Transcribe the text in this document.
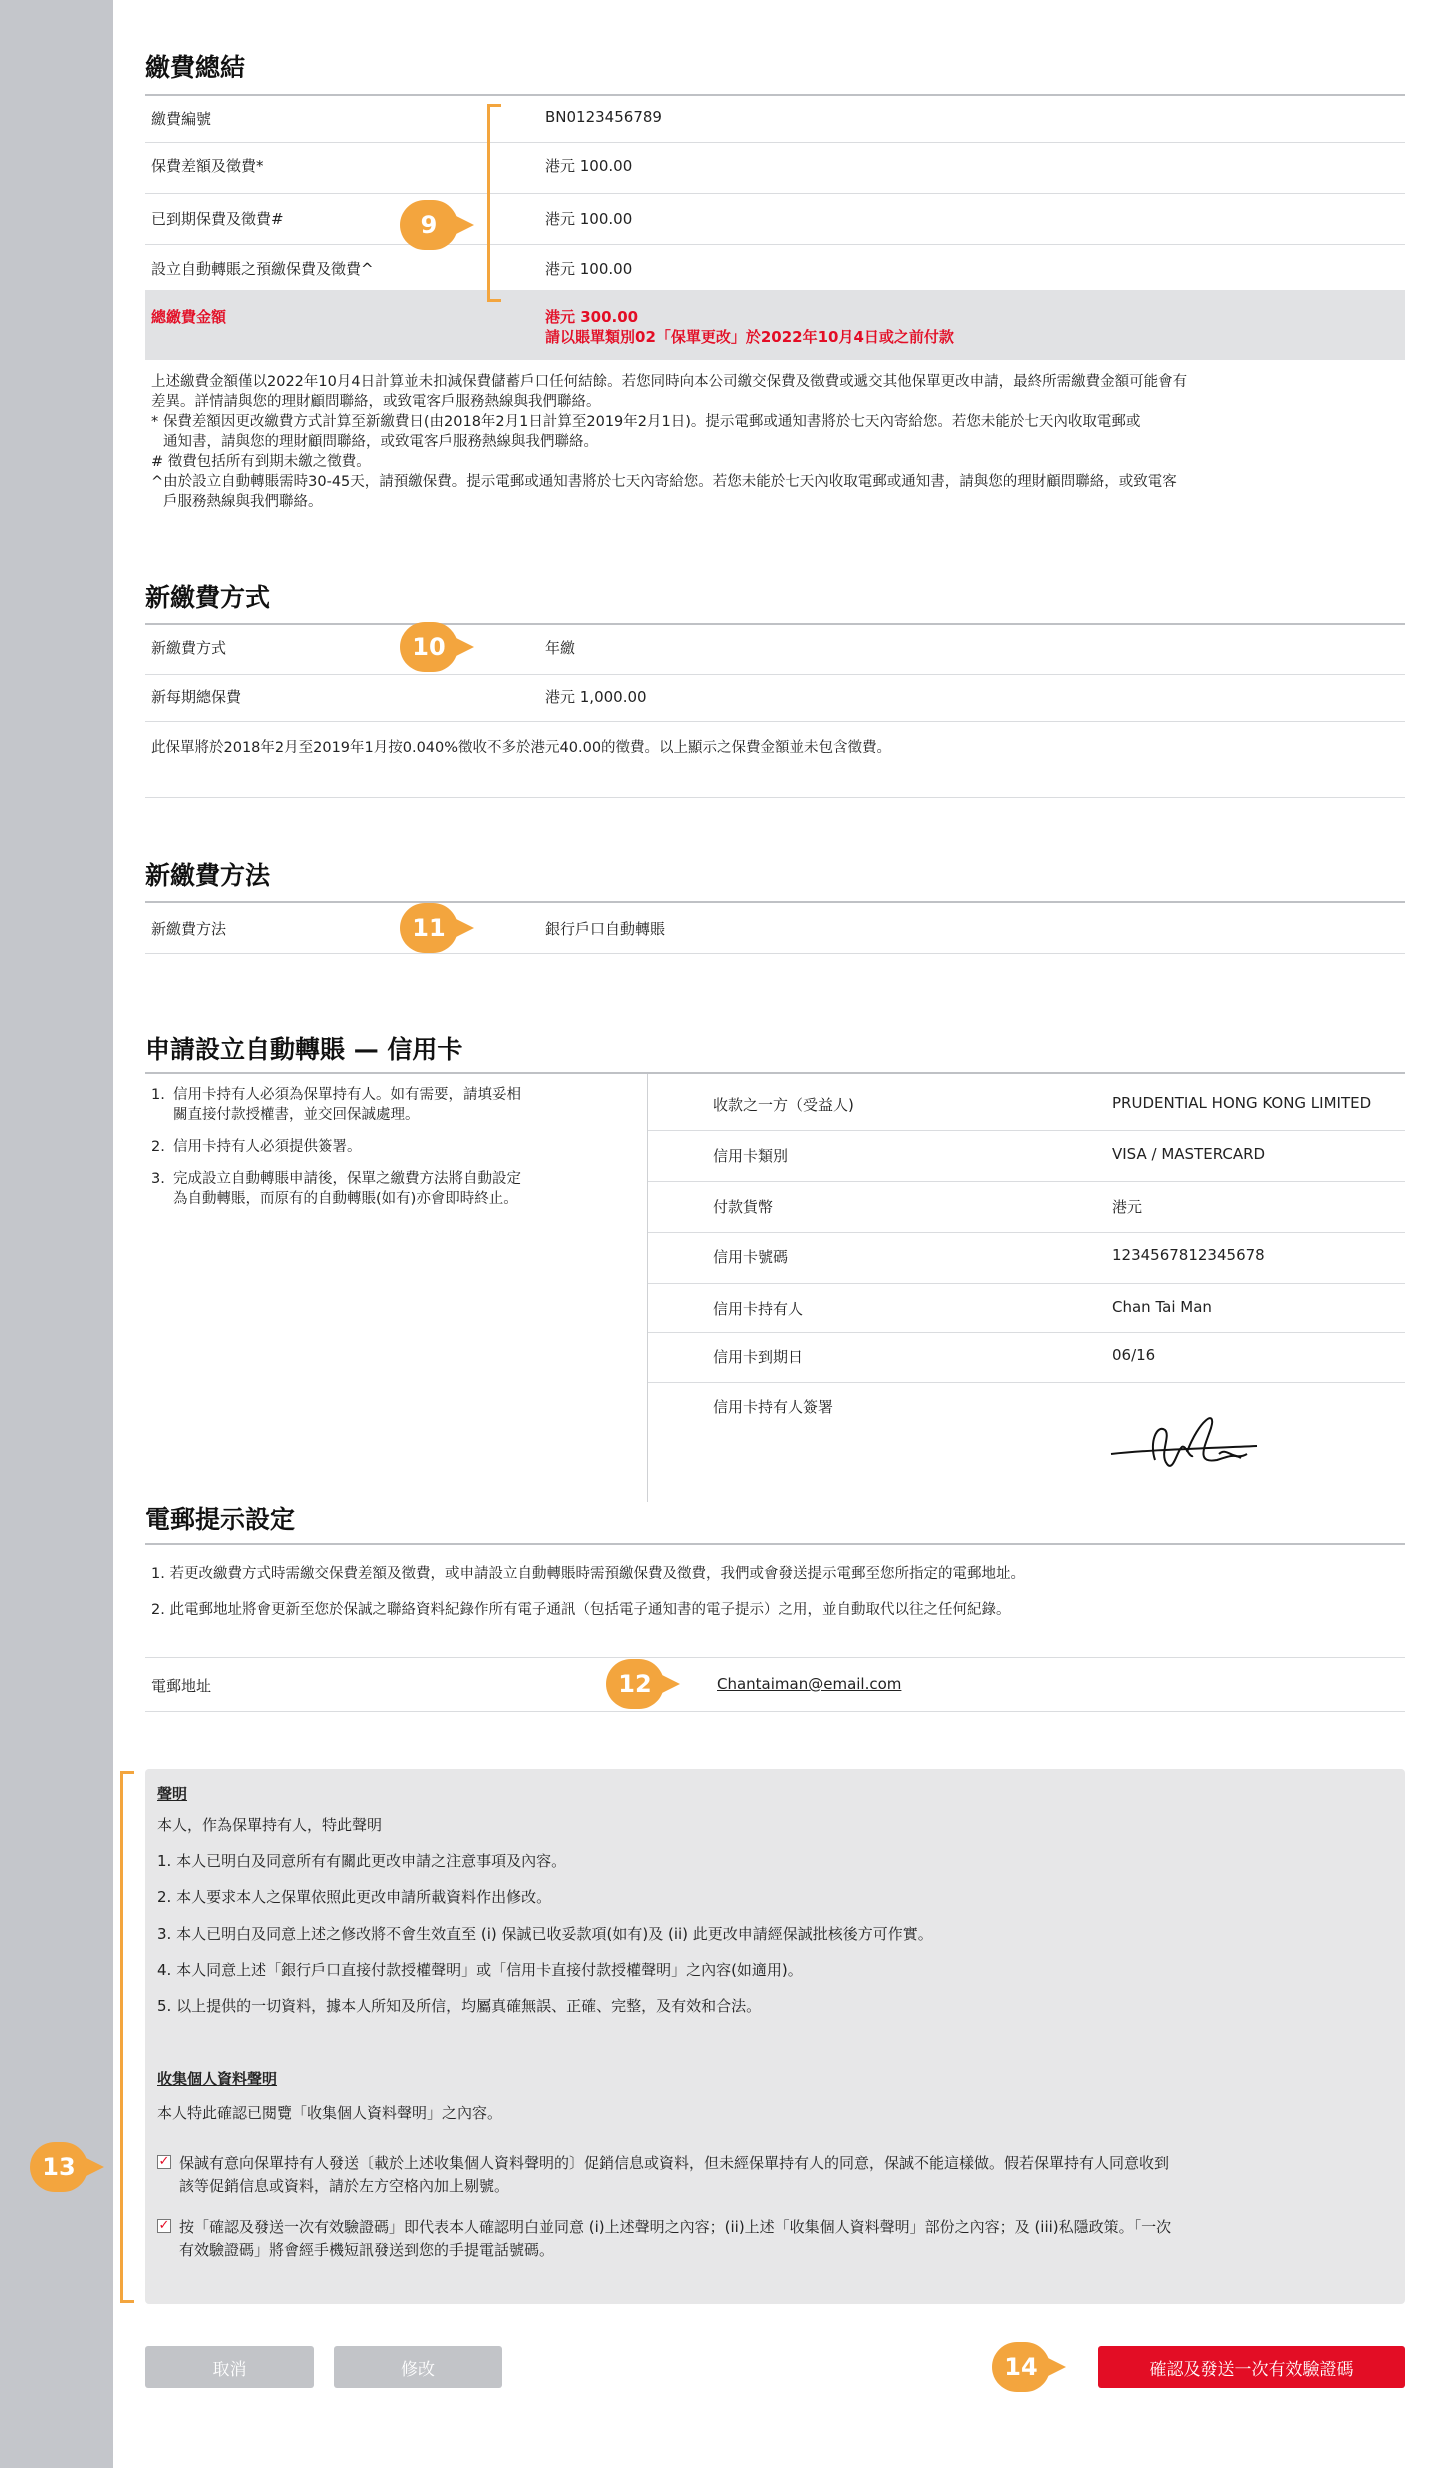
繳費總結
繳費編號	BN0123456789
保費差額及徵費*	港元 100.00
已到期保費及徵費#	港元 100.00
設立自動轉賬之預繳保費及徵費^	港元 100.00
總繳費金額	港元 300.00
請以賬單類別02「保單更改」於2022年10月4日或之前付款
9
上述繳費金額僅以2022年10月4日計算並未扣減保費儲蓄戶口任何結餘。若您同時向本公司繳交保費及徵費或遞交其他保單更改申請，最終所需繳費金額可能會有
差異。詳情請與您的理財顧問聯絡，或致電客戶服務熱線與我們聯絡。
* 保費差額因更改繳費方式計算至新繳費日(由2018年2月1日計算至2019年2月1日)。提示電郵或通知書將於七天內寄給您。若您未能於七天內收取電郵或
通知書，請與您的理財顧問聯絡，或致電客戶服務熱線與我們聯絡。
# 徵費包括所有到期未繳之徵費。
^由於設立自動轉賬需時30-45天，請預繳保費。提示電郵或通知書將於七天內寄給您。若您未能於七天內收取電郵或通知書，請與您的理財顧問聯絡，或致電客
戶服務熱線與我們聯絡。
新繳費方式
新繳費方式	年繳
新每期總保費	港元 1,000.00
此保單將於2018年2月至2019年1月按0.040%徵收不多於港元40.00的徵費。以上顯示之保費金額並未包含徵費。
10
新繳費方法
新繳費方法	銀行戶口自動轉賬
11
申請設立自動轉賬 — 信用卡
1. 信用卡持有人必須為保單持有人。如有需要，請填妥相
關直接付款授權書，並交回保誠處理。
2. 信用卡持有人必須提供簽署。
3. 完成設立自動轉賬申請後，保單之繳費方法將自動設定
為自動轉賬，而原有的自動轉賬(如有)亦會即時終止。
收款之一方（受益人)	PRUDENTIAL HONG KONG LIMITED
信用卡類別	VISA / MASTERCARD
付款貨幣	港元
信用卡號碼	1234567812345678
信用卡持有人	Chan Tai Man
信用卡到期日	06/16
信用卡持有人簽署
電郵提示設定
1. 若更改繳費方式時需繳交保費差額及徵費，或申請設立自動轉賬時需預繳保費及徵費，我們或會發送提示電郵至您所指定的電郵地址。
2. 此電郵地址將會更新至您於保誠之聯絡資料紀錄作所有電子通訊（包括電子通知書的電子提示）之用，並自動取代以往之任何紀錄。
電郵地址	Chantaiman@email.com
12
聲明
本人，作為保單持有人，特此聲明
1. 本人已明白及同意所有有關此更改申請之注意事項及內容。
2. 本人要求本人之保單依照此更改申請所載資料作出修改。
3. 本人已明白及同意上述之修改將不會生效直至 (i) 保誠已收妥款項(如有)及 (ii) 此更改申請經保誠批核後方可作實。
4. 本人同意上述「銀行戶口直接付款授權聲明」或「信用卡直接付款授權聲明」之內容(如適用)。
5. 以上提供的一切資料，據本人所知及所信，均屬真確無誤、正確、完整，及有效和合法。
收集個人資料聲明
本人特此確認已閱覽「收集個人資料聲明」之內容。
✓ 保誠有意向保單持有人發送〔載於上述收集個人資料聲明的〕促銷信息或資料，但未經保單持有人的同意，保誠不能這樣做。假若保單持有人同意收到
該等促銷信息或資料，請於左方空格內加上剔號。
✓ 按「確認及發送一次有效驗證碼」即代表本人確認明白並同意 (i)上述聲明之內容；(ii)上述「收集個人資料聲明」部份之內容；及 (iii)私隱政策。「一次
有效驗證碼」將會經手機短訊發送到您的手提電話號碼。
13
取消	修改	確認及發送一次有效驗證碼
14
